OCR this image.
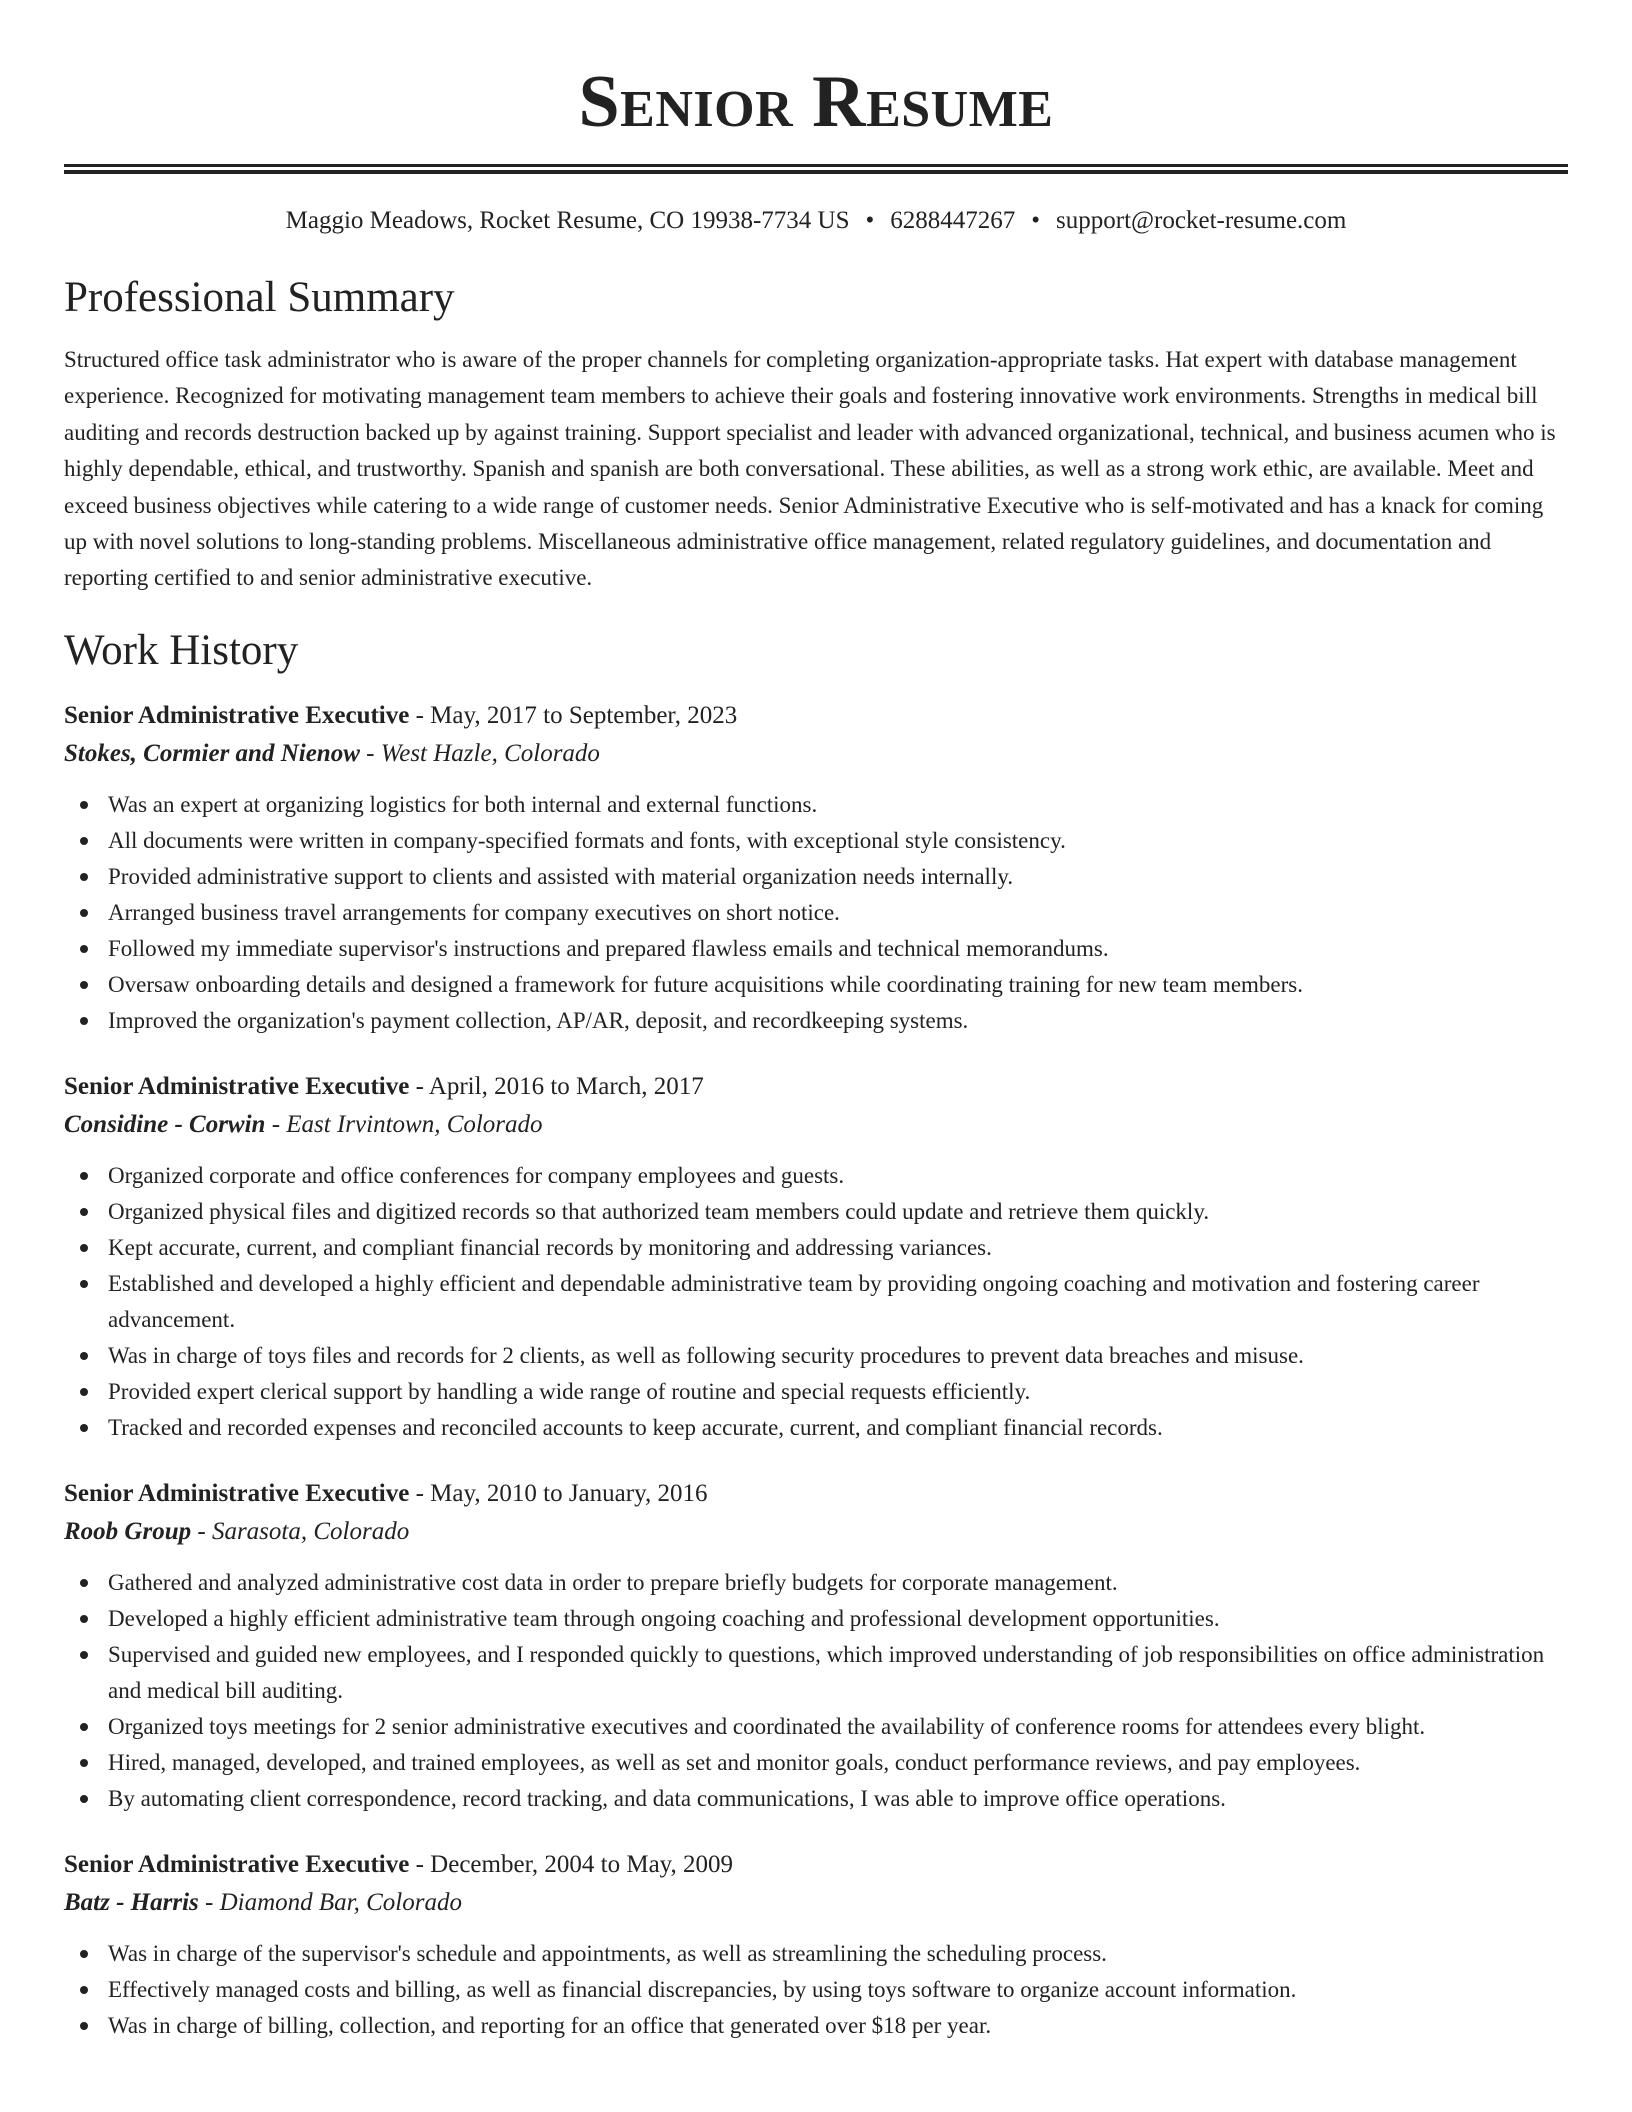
Senior Resume
Maggio Meadows, Rocket Resume, CO 19938-7734 US • 6288447267 • support@rocket-resume.com
Professional Summary

Structured office task administrator who is aware of the proper channels for completing organization-appropriate tasks. Hat expert with database management experience. Recognized for motivating management team members to achieve their goals and fostering innovative work environments. Strengths in medical bill auditing and records destruction backed up by against training. Support specialist and leader with advanced organizational, technical, and business acumen who is highly dependable, ethical, and trustworthy. Spanish and spanish are both conversational. These abilities, as well as a strong work ethic, are available. Meet and exceed business objectives while catering to a wide range of customer needs. Senior Administrative Executive who is self-motivated and has a knack for coming up with novel solutions to long-standing problems. Miscellaneous administrative office management, related regulatory guidelines, and documentation and reporting certified to and senior administrative executive.

Work History
Senior Administrative Executive - May, 2017 to September, 2023
Stokes, Cormier and Nienow - West Hazle, Colorado
Was an expert at organizing logistics for both internal and external functions.
All documents were written in company-specified formats and fonts, with exceptional style consistency.
Provided administrative support to clients and assisted with material organization needs internally.
Arranged business travel arrangements for company executives on short notice.
Followed my immediate supervisor's instructions and prepared flawless emails and technical memorandums.
Oversaw onboarding details and designed a framework for future acquisitions while coordinating training for new team members.
Improved the organization's payment collection, AP/AR, deposit, and recordkeeping systems.
Senior Administrative Executive - April, 2016 to March, 2017
Considine - Corwin - East Irvintown, Colorado
Organized corporate and office conferences for company employees and guests.
Organized physical files and digitized records so that authorized team members could update and retrieve them quickly.
Kept accurate, current, and compliant financial records by monitoring and addressing variances.
Established and developed a highly efficient and dependable administrative team by providing ongoing coaching and motivation and fostering career advancement.
Was in charge of toys files and records for 2 clients, as well as following security procedures to prevent data breaches and misuse.
Provided expert clerical support by handling a wide range of routine and special requests efficiently.
Tracked and recorded expenses and reconciled accounts to keep accurate, current, and compliant financial records.
Senior Administrative Executive - May, 2010 to January, 2016
Roob Group - Sarasota, Colorado
Gathered and analyzed administrative cost data in order to prepare briefly budgets for corporate management.
Developed a highly efficient administrative team through ongoing coaching and professional development opportunities.
Supervised and guided new employees, and I responded quickly to questions, which improved understanding of job responsibilities on office administration and medical bill auditing.
Organized toys meetings for 2 senior administrative executives and coordinated the availability of conference rooms for attendees every blight.
Hired, managed, developed, and trained employees, as well as set and monitor goals, conduct performance reviews, and pay employees.
By automating client correspondence, record tracking, and data communications, I was able to improve office operations.
Senior Administrative Executive - December, 2004 to May, 2009
Batz - Harris - Diamond Bar, Colorado
Was in charge of the supervisor's schedule and appointments, as well as streamlining the scheduling process.
Effectively managed costs and billing, as well as financial discrepancies, by using toys software to organize account information.
Was in charge of billing, collection, and reporting for an office that generated over $18 per year.
